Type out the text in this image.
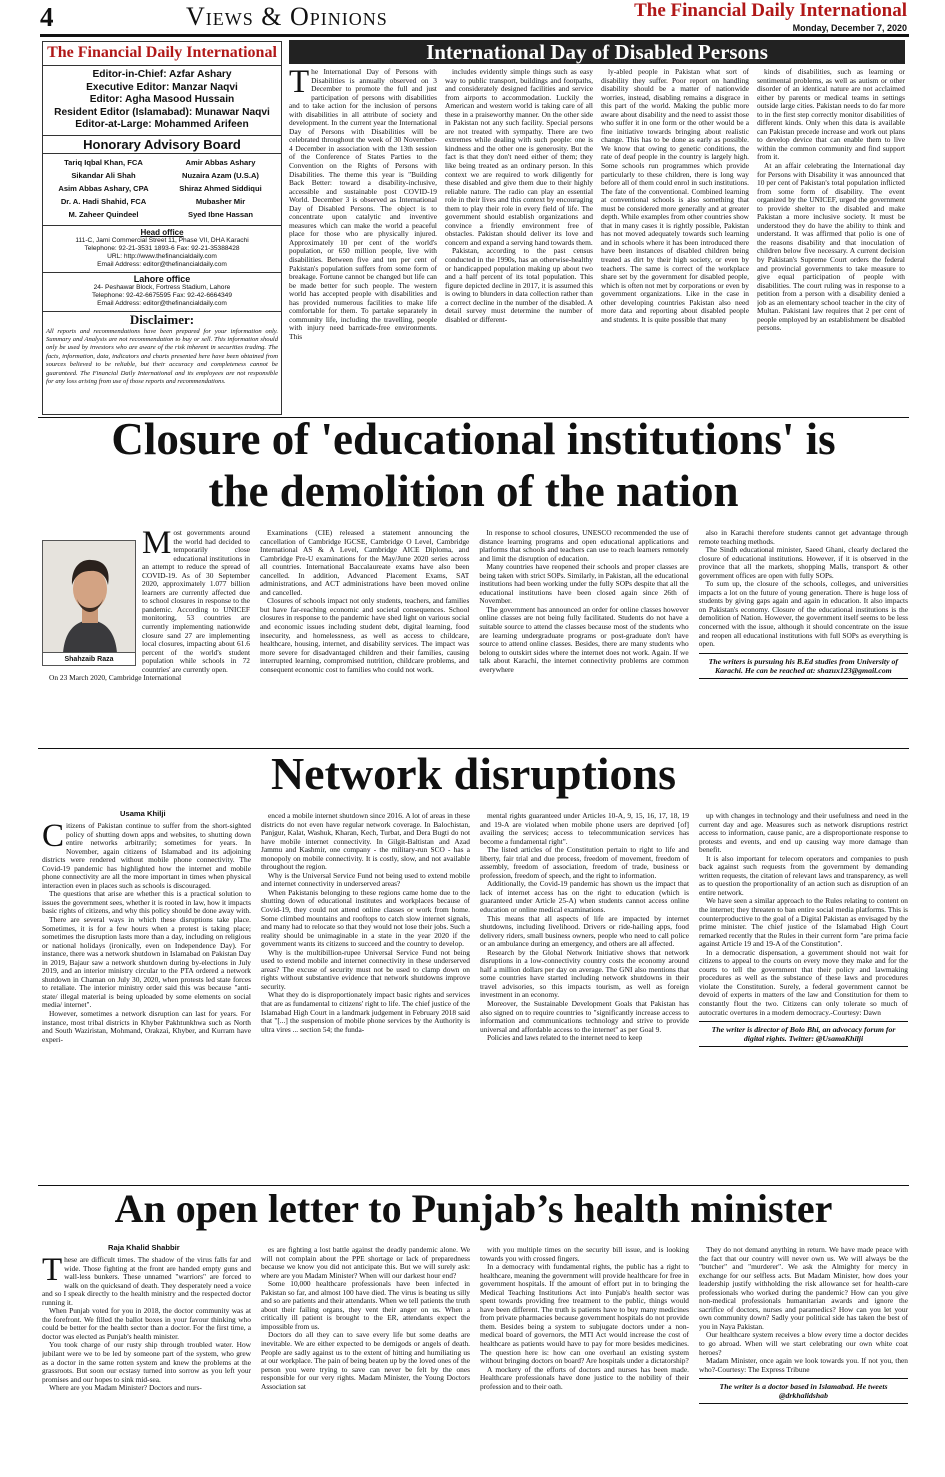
4	Views & Opinions	The Financial Daily International
Monday, December 7, 2020
The Financial Daily International
Editor-in-Chief: Azfar Ashary
Executive Editor: Manzar Naqvi
Editor: Agha Masood Hussain
Resident Editor (Islamabad): Munawar Naqvi
Editor-at-Large: Mohammed Arifeen
Honorary Advisory Board
Tariq Iqbal Khan, FCA	Amir Abbas Ashary
Sikandar Ali Shah	Nuzaira Azam (U.S.A)
Asim Abbas Ashary, CPA	Shiraz Ahmed Siddiqui
Dr. A. Hadi Shahid, FCA	Mubasher Mir
M. Zaheer Quindeel	Syed Ibne Hassan
Head office
111-C, Jami Commercial Street 11, Phase VII, DHA Karachi
Telephone: 92-21-3531 1893-6 Fax: 92-21-35388428
URL: http://www.thefinancialdaily.com
Email Address: editor@thefinancialdaily.com
Lahore office
24- Peshawar Block, Fortress Stadium, Lahore
Telephone: 92-42-6675595 Fax: 92-42-6664349
Email Address: editor@thefinancialdaily.com
Disclaimer:
All reports and recommendations have been prepared for your information only. Summary and Analysis are not recommendation to buy or sell. This information should only be used by investors who are aware of the risk inherent in securities trading. The facts, information, data, indicators and charts presented here have been obtained from sources believed to be reliable, but their accuracy and completeness cannot be guaranteed. The Financial Daily International and its employees are not responsible for any loss arising from use of those reports and recommendations.
International Day of Disabled Persons

The International Day of Persons with Disabilities is annually observed on 3 December to promote the full and just participation of persons with disabilities and to take action for the inclusion of persons with disabilities in all attribute of society and development. In the current year the International Day of Persons with Disabilities will be celebrated throughout the week of 30 November- 4 December in association with the 13th session of the Conference of States Parties to the Convention on the Rights of Persons with Disabilities. The theme this year is "Building Back Better: toward a disability-inclusive, accessible and sustainable post COVID-19 World. December 3 is observed as International Day of Disabled Persons. The object is to concentrate upon catalytic and inventive measures which can make the world a peaceful place for those who are physically injured. Approximately 10 per cent of the world's population, or 650 million people, live with disabilities. Between five and ten per cent of Pakistan's population suffers from some form of breakage. Fortune cannot be changed but life can be made better for such people. The western world has accepted people with disabilities and has provided numerous facilities to make life comfortable for them. To partake separately in community life, including the travelling, people with injury need barricade-free environments. This

includes evidently simple things such as easy way to public transport, buildings and footpaths, and considerately designed facilities and service from airports to accommodation. Luckily the American and western world is taking care of all these in a praiseworthy manner. On the other side in Pakistan not any such facility. Special persons are not treated with sympathy. There are two extremes while dealing with such people: one is kindness and the other one is generosity. But the fact is that they don't need either of them; they like being treated as an ordinary person. In this context we are required to work diligently for these disabled and give them due to their highly reliable nature. The radio can play an essential role in their lives and this context by encouraging them to play their role in every field of life. The government should establish organizations and convince a friendly environment free of obstacles. Pakistan should deliver its love and concern and expand a serving hand towards them.

Pakistan, according to the past census conducted in the 1990s, has an otherwise-healthy or handicapped population making up about two and a half percent of its total population. This figure depicted decline in 2017, it is assumed this is owing to blunders in data collection rather than a correct decline in the number of the disabled. A detail survey must determine the number of disabled or different-

ly-abled people in Pakistan what sort of disability they suffer. Poor report on handling disability should be a matter of nationwide worries, instead, disabling remains a disgrace in this part of the world. Making the public more aware about disability and the need to assist those who suffer it in one form or the other would be a fine initiative towards bringing about realistic change. This has to be done as early as possible. We know that owing to genetic conditions, the rate of deaf people in the country is largely high. Some schools run programmes which provide particularly to these children, there is long way before all of them could enrol in such institutions. The fate of the conventional. Combined learning at conventional schools is also something that must be considered more generally and at greater depth. While examples from other countries show that in many cases it is rightly possible, Pakistan has not moved adequately towards such learning and in schools where it has been introduced there have been instances of disabled children being treated as dirt by their high society, or even by teachers. The same is correct of the workplace share set by the government for disabled people, which is often not met by corporations or even by government organizations. Like in the case in other developing countries Pakistan also need more data and reporting about disabled people and students. It is quite possible that many

kinds of disabilities, such as learning or sentimental problems, as well as autism or other disorder of an identical nature are not acclaimed either by parents or medical teams in settings outside large cities. Pakistan needs to do far more to in the first step correctly monitor disabilities of different kinds. Only when this data is available can Pakistan precede increase and work out plans to develop device that can enable them to live within the common community and find support from it.

At an affair celebrating the International day for Persons with Disability it was announced that 10 per cent of Pakistan's total population inflicted from some form of disability. The event organized by the UNICEF, urged the government to provide shelter to the disabled and make Pakistan a more inclusive society. It must be understood they do have the ability to think and understand. It was affirmed that polio is one of the reasons disability and that inoculation of children below five necessary. A current decision by Pakistan's Supreme Court orders the federal and provincial governments to take measure to give equal participation of people with disabilities. The court ruling was in response to a petition from a person with a disability denied a job as an elementary school teacher in the city of Multan. Pakistani law requires that 2 per cent of people employed by an establishment be disabled persons.

Closure of 'educational institutions' is
the demolition of the nation
Shahzaib Raza

Most governments around the world had decided to temporarily close educational institutions in an attempt to reduce the spread of COVID-19. As of 30 September 2020, approximately 1.077 billion learners are currently affected due to school closures in response to the pandemic. According to UNICEF monitoring, 53 countries are currently implementing nationwide closure sand 27 are implementing local closures, impacting about 61.6 percent of the world's student population while schools in 72 countries' are currently open.

On 23 March 2020, Cambridge International

Examinations (CIE) released a statement announcing the cancellation of Cambridge IGCSE, Cambridge O Level, Cambridge International AS & A Level, Cambridge AICE Diploma, and Cambridge Pre-U examinations for the May/June 2020 series across all countries. International Baccalaureate exams have also been cancelled. In addition, Advanced Placement Exams, SAT administrations, and ACT administrations have been moved online and cancelled.

Closures of schools impact not only students, teachers, and families but have far-reaching economic and societal consequences. School closures in response to the pandemic have shed light on various social and economic issues including student debt, digital learning, food insecurity, and homelessness, as well as access to childcare, healthcare, housing, internet, and disability services. The impact was more severe for disadvantaged children and their families, causing interrupted learning, compromised nutrition, childcare problems, and consequent economic cost to families who could not work.

In response to school closures, UNESCO recommended the use of distance learning programs and open educational applications and platforms that schools and teachers can use to reach learners remotely and limit the disruption of education.

Many countries have reopened their schools and proper classes are being taken with strict SOPs. Similarly, in Pakistan, all the educational institutions had been working under the fully SOPs despite that all the educational institutions have been closed again since 26th of November.

The government has announced an order for online classes however online classes are not being fully facilitated. Students do not have a suitable source to attend the classes because most of the students who are learning undergraduate programs or post-graduate don't have source to attend online classes. Besides, there are many students who belong to outskirt sides where the internet does not work. Again. If we talk about Karachi, the internet connectivity problems are common everywhere

also in Karachi therefore students cannot get advantage through remote teaching methods.

The Sindh educational minister, Saeed Ghani, clearly declared the closure of educational institutions. However, if it is observed in the province that all the markets, shopping Malls, transport & other government offices are open with fully SOPs.

To sum up, the closure of the schools, colleges, and universities impacts a lot on the future of young generation. There is huge loss of students by giving gaps again and again in education. It also impacts on Pakistan's economy. Closure of the educational institutions is the demolition of Nation. However, the government itself seems to be less concerned with the issue, although it should concentrate on the issue and reopen all educational institutions with full SOPs as everything is open.

The writers is pursuing his B.Ed studies from University of Karachi. He can be reached at: shazux123@gmail.com
Network disruptions
Usama Khilji

Citizens of Pakistan continue to suffer from the short-sighted policy of shutting down apps and websites, to shutting down entire networks arbitrarily; sometimes for years. In November, again citizens of Islamabad and its adjoining districts were rendered without mobile phone connectivity. The Covid-19 pandemic has highlighted how the internet and mobile phone connectivity are all the more important in times when physical interaction even in places such as schools is discouraged.

The questions that arise are whether this is a practical solution to issues the government sees, whether it is rooted in law, how it impacts basic rights of citizens, and why this policy should be done away with.

There are several ways in which these disruptions take place. Sometimes, it is for a few hours when a protest is taking place; sometimes the disruption lasts more than a day, including on religious or national holidays (ironically, even on Independence Day). For instance, there was a network shutdown in Islamabad on Pakistan Day in 2019, Bajaur saw a network shutdown during by-elections in July 2019, and an interior ministry circular to the PTA ordered a network shutdown in Chaman on July 30, 2020, when protests led state forces to retaliate. The interior ministry order said this was because "anti-state/ illegal material is being uploaded by some elements on social media/ internet".

However, sometimes a network disruption can last for years. For instance, most tribal districts in Khyber Pakhtunkhwa such as North and South Waziristan, Mohmand, Orakzai, Khyber, and Kurram have experi-

enced a mobile internet shutdown since 2016. A lot of areas in these districts do not even have regular network coverage. In Balochistan, Panjgur, Kalat, Washuk, Kharan, Kech, Turbat, and Dera Bugti do not have mobile internet connectivity. In Gilgit-Baltistan and Azad Jammu and Kashmir, one company - the military-run SCO - has a monopoly on mobile connectivity. It is costly, slow, and not available throughout the region.

Why is the Universal Service Fund not being used to extend mobile and internet connectivity in underserved areas?

When Pakistanis belonging to these regions came home due to the shutting down of educational institutes and workplaces because of Covid-19, they could not attend online classes or work from home. Some climbed mountains and rooftops to catch slow internet signals, and many had to relocate so that they would not lose their jobs. Such a reality should be unimaginable in a state in the year 2020 if the government wants its citizens to succeed and the country to develop.

Why is the multibillion-rupee Universal Service Fund not being used to extend mobile and internet connectivity in these underserved areas? The excuse of security must not be used to clamp down on rights without substantive evidence that network shutdowns improve security.

What they do is disproportionately impact basic rights and services that are as fundamental to citizens' right to life. The chief justice of the Islamabad High Court in a landmark judgement in February 2018 said that "[...] the suspension of mobile phone services by the Authority is ultra vires ... section 54; the funda-

mental rights guaranteed under Articles 10-A, 9, 15, 16, 17, 18, 19 and 19-A are violated when mobile phone users are deprived [of] availing the services; access to telecommunication services has become a fundamental right".

The listed articles of the Constitution pertain to right to life and liberty, fair trial and due process, freedom of movement, freedom of assembly, freedom of association, freedom of trade, business or profession, freedom of speech, and the right to information.

Additionally, the Covid-19 pandemic has shown us the impact that lack of internet access has on the right to education (which is guaranteed under Article 25-A) when students cannot access online education or online medical examinations.

This means that all aspects of life are impacted by internet shutdowns, including livelihood. Drivers or ride-hailing apps, food delivery riders, small business owners, people who need to call police or an ambulance during an emergency, and others are all affected.

Research by the Global Network Initiative shows that network disruptions in a low-connectivity country costs the economy around half a million dollars per day on average. The GNI also mentions that some countries have started including network shutdowns in their travel advisories, so this impacts tourism, as well as foreign investment in an economy.

Moreover, the Sustainable Development Goals that Pakistan has also signed on to require countries to "significantly increase access to information and communications technology and strive to provide universal and affordable access to the internet" as per Goal 9.

Policies and laws related to the internet need to keep

up with changes in technology and their usefulness and need in the current day and age. Measures such as network disruptions restrict access to information, cause panic, are a disproportionate response to protests and events, and end up causing way more damage than benefit.

It is also important for telecom operators and companies to push back against such requests from the government by demanding written requests, the citation of relevant laws and transparency, as well as to question the proportionality of an action such as disruption of an entire network.

We have seen a similar approach to the Rules relating to content on the internet; they threaten to ban entire social media platforms. This is counterproductive to the goal of a Digital Pakistan as envisaged by the prime minister. The chief justice of the Islamabad High Court remarked recently that the Rules in their current form "are prima facie against Article 19 and 19-A of the Constitution".

In a democratic dispensation, a government should not wait for citizens to appeal to the courts on every move they make and for the courts to tell the government that their policy and lawmaking procedures as well as the substance of these laws and procedures violate the Constitution. Surely, a federal government cannot be devoid of experts in matters of the law and Constitution for them to constantly flout the two. Citizens can only tolerate so much of autocratic overtures in a modern democracy.-Courtesy: Dawn

The writer is director of Bolo Bhi, an advocacy forum for digital rights. Twitter: @UsamaKhilji
An open letter to Punjab’s health minister
Raja Khalid Shabbir

These are difficult times. The shadow of the virus falls far and wide. Those fighting at the front are handed empty guns and wall-less bunkers. These unnamed "warriors" are forced to walk on the quicksand of death. They desperately need a voice and so I speak directly to the health ministry and the respected doctor running it.

When Punjab voted for you in 2018, the doctor community was at the forefront. We filled the ballot boxes in your favour thinking who could be better for the health sector than a doctor. For the first time, a doctor was elected as Punjab's health minister.

You took charge of our rusty ship through troubled water. How jubilant were we to be led by someone part of the system, who grew as a doctor in the same rotten system and knew the problems at the grassroots. But soon our ecstasy turned into sorrow as you left your promises and our hopes to sink mid-sea.

Where are you Madam Minister? Doctors and nurs-

es are fighting a lost battle against the deadly pandemic alone. We will not complain about the PPE shortage or lack of preparedness because we know you did not anticipate this. But we will surely ask: where are you Madam Minister? When will our darkest hour end?

Some 10,000 healthcare professionals have been infected in Pakistan so far, and almost 100 have died. The virus is beating us silly and so are patients and their attendants. When we tell patients the truth about their failing organs, they vent their anger on us. When a critically ill patient is brought to the ER, attendants expect the impossible from us.

Doctors do all they can to save every life but some deaths are inevitable. We are either expected to be demigods or angels of death. People are sadly against us to the extent of hitting and humiliating us at our workplace. The pain of being beaten up by the loved ones of the person you were trying to save can never be felt by the ones responsible for our very rights. Madam Minister, the Young Doctors Association sat

with you multiple times on the security bill issue, and is looking towards you with crossed fingers.

In a democracy with fundamental rights, the public has a right to healthcare, meaning the government will provide healthcare for free in government hospitals. If the amount of effort put in to bringing the Medical Teaching Institutions Act into Punjab's health sector was spent towards providing free treatment to the public, things would have been different. The truth is patients have to buy many medicines from private pharmacies because government hospitals do not provide them. Besides being a system to subjugate doctors under a non-medical board of governors, the MTI Act would increase the cost of healthcare as patients would have to pay for more besides medicines. The question here is: how can one overhaul an existing system without bringing doctors on board? Are hospitals under a dictatorship?

A mockery of the efforts of doctors and nurses has been made. Healthcare professionals have done justice to the nobility of their profession and to their oath.

They do not demand anything in return. We have made peace with the fact that our country will never own us. We will always be the "butcher" and "murderer". We ask the Almighty for mercy in exchange for our selfless acts. But Madam Minister, how does your leadership justify withholding the risk allowance set for health-care professionals who worked during the pandemic? How can you give non-medical professionals humanitarian awards and ignore the sacrifice of doctors, nurses and paramedics? How can you let your own community down? Sadly your political side has taken the best of you in Naya Pakistan.

Our healthcare system receives a blow every time a doctor decides to go abroad. When will we start celebrating our own white coat heroes?

Madam Minister, once again we look towards you. If not you, then who?-Courtesy: The Express Tribune

The writer is a doctor based in Islamabad. He tweets @drkhalidshab
